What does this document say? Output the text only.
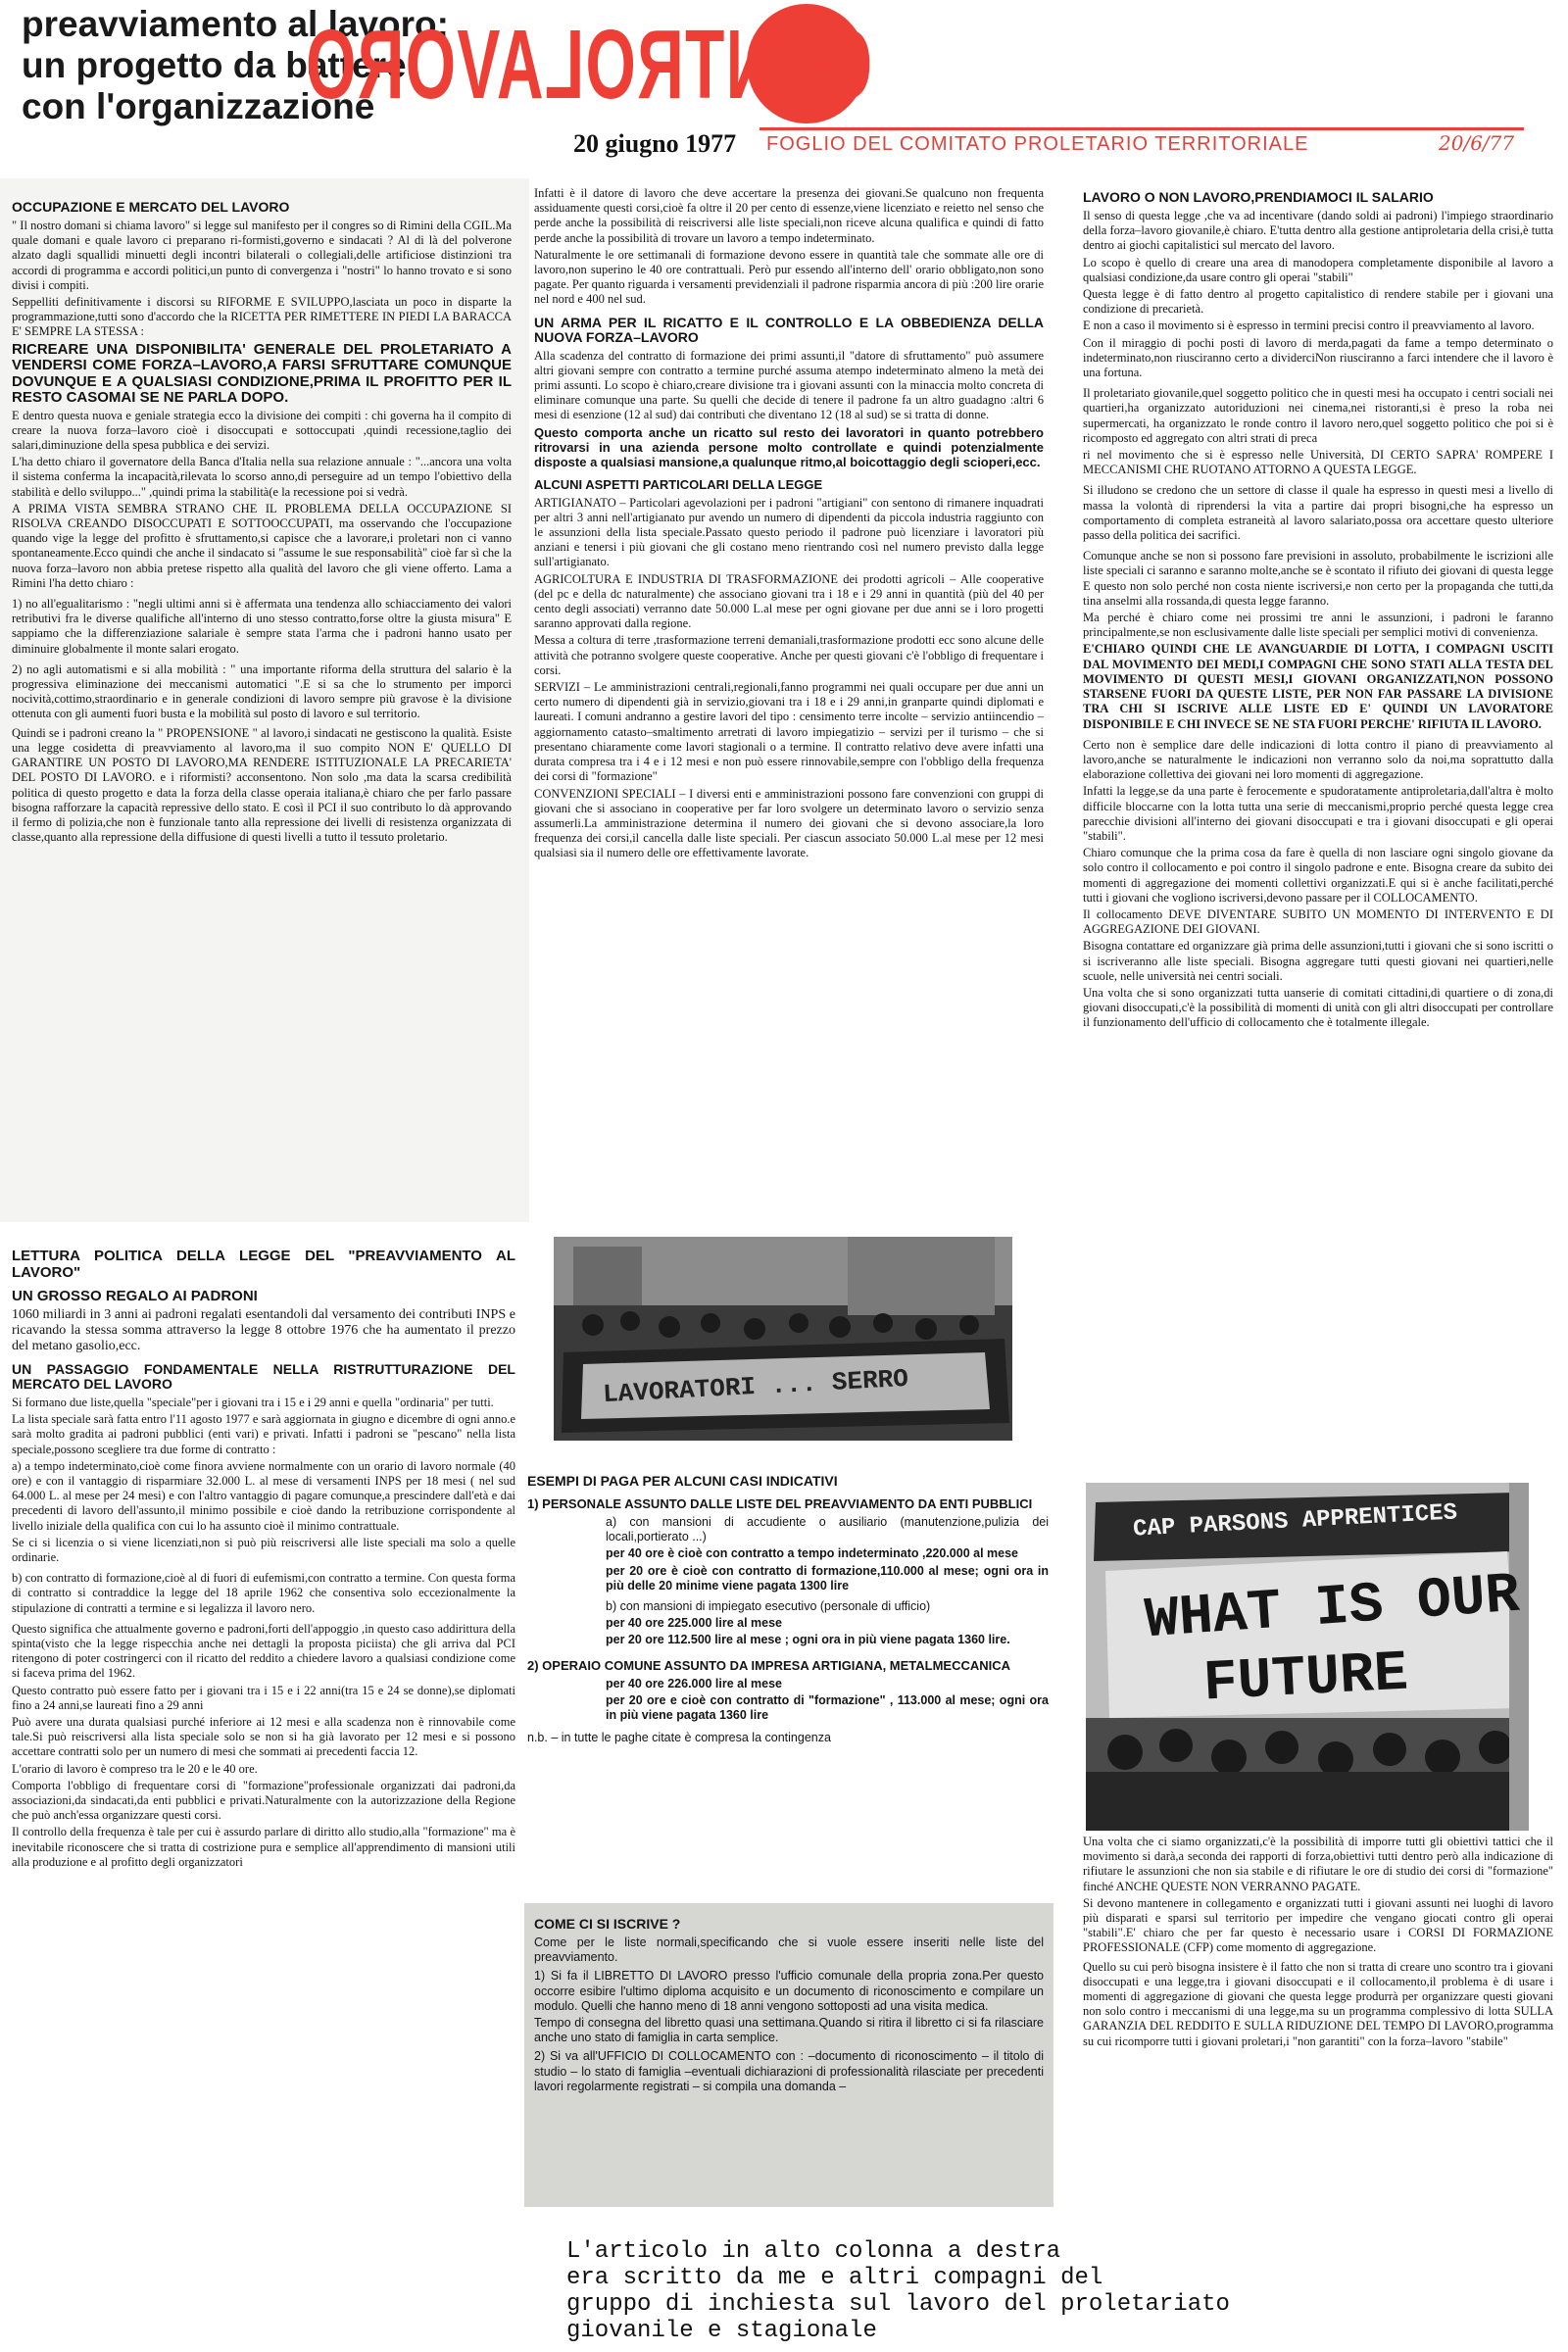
preavviamento al lavoro:
un progetto da battere
con l'organizzazione
20 giugno 1977
CONTROLAVORO
FOGLIO DEL COMITATO PROLETARIO TERRITORIALE	20/6/77
OCCUPAZIONE E MERCATO DEL LAVORO

" Il nostro domani si chiama lavoro" si legge sul manifesto per il congres so di Rimini della CGIL.Ma quale domani e quale lavoro ci preparano ri-formisti,governo e sindacati ? Al di là del polverone alzato dagli squallidi minuetti degli incontri bilaterali o collegiali,delle artificiose distinzioni tra accordi di programma e accordi politici,un punto di convergenza i "nostri" lo hanno trovato e si sono divisi i compiti.

Seppelliti definitivamente i discorsi su RIFORME E SVILUPPO,lasciata un poco in disparte la programmazione,tutti sono d'accordo che la RICETTA PER RIMETTERE IN PIEDI LA BARACCA E' SEMPRE LA STESSA :

RICREARE UNA DISPONIBILITA' GENERALE DEL PROLETARIATO A VENDERSI COME FORZA–LAVORO,A FARSI SFRUTTARE COMUNQUE DOVUNQUE E A QUALSIASI CONDIZIONE,PRIMA IL PROFITTO PER IL RESTO CASOMAI SE NE PARLA DOPO.

E dentro questa nuova e geniale strategia ecco la divisione dei compiti : chi governa ha il compito di creare la nuova forza–lavoro cioè i disoccupati e sottoccupati ,quindi recessione,taglio dei salari,diminuzione della spesa pubblica e dei servizi.

L'ha detto chiaro il governatore della Banca d'Italia nella sua relazione annuale : "...ancora una volta il sistema conferma la incapacità,rilevata lo scorso anno,di perseguire ad un tempo l'obiettivo della stabilità e dello sviluppo..." ,quindi prima la stabilità(e la recessione poi si vedrà.

A PRIMA VISTA SEMBRA STRANO CHE IL PROBLEMA DELLA OCCUPAZIONE SI RISOLVA CREANDO DISOCCUPATI E SOTTOOCCUPATI, ma osservando che l'occupazione quando vige la legge del profitto è sfruttamento,si capisce che a lavorare,i proletari non ci vanno spontaneamente.Ecco quindi che anche il sindacato si "assume le sue responsabilità" cioè far sì che la nuova forza–lavoro non abbia pretese rispetto alla qualità del lavoro che gli viene offerto. Lama a Rimini l'ha detto chiaro :

1) no all'egualitarismo : "negli ultimi anni si è affermata una tendenza allo schiacciamento dei valori retributivi fra le diverse qualifiche all'interno di uno stesso contratto,forse oltre la giusta misura" E sappiamo che la differenziazione salariale è sempre stata l'arma che i padroni hanno usato per diminuire globalmente il monte salari erogato.

2) no agli automatismi e si alla mobilità : " una importante riforma della struttura del salario è la progressiva eliminazione dei meccanismi automatici ".E si sa che lo strumento per imporci nocività,cottimo,straordinario e in generale condizioni di lavoro sempre più gravose è la divisione ottenuta con gli aumenti fuori busta e la mobilità sul posto di lavoro e sul territorio.

Quindi se i padroni creano la " PROPENSIONE " al lavoro,i sindacati ne gestiscono la qualità. Esiste una legge cosidetta di preavviamento al lavoro,ma il suo compito NON E' QUELLO DI GARANTIRE UN POSTO DI LAVORO,MA RENDERE ISTITUZIONALE LA PRECARIETA' DEL POSTO DI LAVORO. e i riformisti? acconsentono. Non solo ,ma data la scarsa credibilità politica di questo progetto e data la forza della classe operaia italiana,è chiaro che per farlo passare bisogna rafforzare la capacità repressive dello stato. E così il PCI il suo contributo lo dà approvando il fermo di polizia,che non è funzionale tanto alla repressione dei livelli di resistenza organizzata di classe,quanto alla repressione della diffusione di questi livelli a tutto il tessuto proletario.

Infatti è il datore di lavoro che deve accertare la presenza dei giovani.Se qualcuno non frequenta assiduamente questi corsi,cioè fa oltre il 20 per cento di essenze,viene licenziato e reietto nel senso che perde anche la possibilità di reiscriversi alle liste speciali,non riceve alcuna qualifica e quindi di fatto perde anche la possibilità di trovare un lavoro a tempo indeterminato.

Naturalmente le ore settimanali di formazione devono essere in quantità tale che sommate alle ore di lavoro,non superino le 40 ore contrattuali. Però pur essendo all'interno dell' orario obbligato,non sono pagate. Per quanto riguarda i versamenti previdenziali il padrone risparmia ancora di più :200 lire orarie nel nord e 400 nel sud.

UN ARMA PER IL RICATTO E IL CONTROLLO E LA OBBEDIENZA DELLA NUOVA FORZA–LAVORO

Alla scadenza del contratto di formazione dei primi assunti,il "datore di sfruttamento" può assumere altri giovani sempre con contratto a termine purché assuma atempo indeterminato almeno la metà dei primi assunti. Lo scopo è chiaro,creare divisione tra i giovani assunti con la minaccia molto concreta di eliminare comunque una parte. Su quelli che decide di tenere il padrone fa un altro guadagno :altri 6 mesi di esenzione (12 al sud) dai contributi che diventano 12 (18 al sud) se si tratta di donne.

Questo comporta anche un ricatto sul resto dei lavoratori in quanto potrebbero ritrovarsi in una azienda persone molto controllate e quindi potenzialmente disposte a qualsiasi mansione,a qualunque ritmo,al boicottaggio degli scioperi,ecc.

ALCUNI ASPETTI PARTICOLARI DELLA LEGGE

ARTIGIANATO – Particolari agevolazioni per i padroni "artigiani" con sentono di rimanere inquadrati per altri 3 anni nell'artigianato pur avendo un numero di dipendenti da piccola industria raggiunto con le assunzioni della lista speciale.Passato questo periodo il padrone può licenziare i lavoratori più anziani e tenersi i più giovani che gli costano meno rientrando così nel numero previsto dalla legge sull'artigianato.

AGRICOLTURA E INDUSTRIA DI TRASFORMAZIONE dei prodotti agricoli – Alle cooperative (del pc e della dc naturalmente) che associano giovani tra i 18 e i 29 anni in quantità (più del 40 per cento degli associati) verranno date 50.000 L.al mese per ogni giovane per due anni se i loro progetti saranno approvati dalla regione.

Messa a coltura di terre ,trasformazione terreni demaniali,trasformazione prodotti ecc sono alcune delle attività che potranno svolgere queste cooperative. Anche per questi giovani c'è l'obbligo di frequentare i corsi.

SERVIZI – Le amministrazioni centrali,regionali,fanno programmi nei quali occupare per due anni un certo numero di dipendenti già in servizio,giovani tra i 18 e i 29 anni,in granparte quindi diplomati e laureati. I comuni andranno a gestire lavori del tipo : censimento terre incolte – servizio antiincendio – aggiornamento catasto–smaltimento arretrati di lavoro impiegatizio – servizi per il turismo – che si presentano chiaramente come lavori stagionali o a termine. Il contratto relativo deve avere infatti una durata compresa tra i 4 e i 12 mesi e non può essere rinnovabile,sempre con l'obbligo della frequenza dei corsi di "formazione"

CONVENZIONI SPECIALI – I diversi enti e amministrazioni possono fare convenzioni con gruppi di giovani che si associano in cooperative per far loro svolgere un determinato lavoro o servizio senza assumerli.La amministrazione determina il numero dei giovani che si devono associare,la loro frequenza dei corsi,il cancella dalle liste speciali. Per ciascun associato 50.000 L.al mese per 12 mesi qualsiasi sia il numero delle ore effettivamente lavorate.

LAVORO O NON LAVORO,PRENDIAMOCI IL SALARIO

Il senso di questa legge ,che va ad incentivare (dando soldi ai padroni) l'impiego straordinario della forza–lavoro giovanile,è chiaro. E'tutta dentro alla gestione antiproletaria della crisi,è tutta dentro ai giochi capitalistici sul mercato del lavoro.

Lo scopo è quello di creare una area di manodopera completamente disponibile al lavoro a qualsiasi condizione,da usare contro gli operai "stabili"

Questa legge è di fatto dentro al progetto capitalistico di rendere stabile per i giovani una condizione di precarietà.

E non a caso il movimento si è espresso in termini precisi contro il preavviamento al lavoro.

Con il miraggio di pochi posti di lavoro di merda,pagati da fame a tempo determinato o indeterminato,non riusciranno certo a dividerciNon riusciranno a farci intendere che il lavoro è una fortuna.

Il proletariato giovanile,quel soggetto politico che in questi mesi ha occupato i centri sociali nei quartieri,ha organizzato autoriduzioni nei cinema,nei ristoranti,si è preso la roba nei supermercati, ha organizzato le ronde contro il lavoro nero,quel soggetto politico che poi si è ricomposto ed aggregato con altri strati di preca

ri nel movimento che si è espresso nelle Università, DI CERTO SAPRA' ROMPERE I MECCANISMI CHE RUOTANO ATTORNO A QUESTA LEGGE.

Si illudono se credono che un settore di classe il quale ha espresso in questi mesi a livello di massa la volontà di riprendersi la vita a partire dai propri bisogni,che ha espresso un comportamento di completa estraneità al lavoro salariato,possa ora accettare questo ulteriore passo della politica dei sacrifici.

Comunque anche se non si possono fare previsioni in assoluto, probabilmente le iscrizioni alle liste speciali ci saranno e saranno molte,anche se è scontato il rifiuto dei giovani di questa legge E questo non solo perché non costa niente iscriversi,e non certo per la propaganda che tutti,da tina anselmi alla rossanda,di questa legge faranno.

Ma perché è chiaro come nei prossimi tre anni le assunzioni, i padroni le faranno principalmente,se non esclusivamente dalle liste speciali per semplici motivi di convenienza.

E'CHIARO QUINDI CHE LE AVANGUARDIE DI LOTTA, I COMPAGNI USCITI DAL MOVIMENTO DEI MEDI,I COMPAGNI CHE SONO STATI ALLA TESTA DEL MOVIMENTO DI QUESTI MESI,I GIOVANI ORGANIZZATI,NON POSSONO STARSENE FUORI DA QUESTE LISTE, PER NON FAR PASSARE LA DIVISIONE TRA CHI SI ISCRIVE ALLE LISTE ED E' QUINDI UN LAVORATORE DISPONIBILE E CHI INVECE SE NE STA FUORI PERCHE' RIFIUTA IL LAVORO.

Certo non è semplice dare delle indicazioni di lotta contro il piano di preavviamento al lavoro,anche se naturalmente le indicazioni non verranno solo da noi,ma soprattutto dalla elaborazione collettiva dei giovani nei loro momenti di aggregazione.

Infatti la legge,se da una parte è ferocemente e spudoratamente antiproletaria,dall'altra è molto difficile bloccarne con la lotta tutta una serie di meccanismi,proprio perché questa legge crea parecchie divisioni all'interno dei giovani disoccupati e tra i giovani disoccupati e gli operai "stabili".

Chiaro comunque che la prima cosa da fare è quella di non lasciare ogni singolo giovane da solo contro il collocamento e poi contro il singolo padrone e ente. Bisogna creare da subito dei momenti di aggregazione dei momenti collettivi organizzati.E qui si è anche facilitati,perché tutti i giovani che vogliono iscriversi,devono passare per il COLLOCAMENTO.

Il collocamento DEVE DIVENTARE SUBITO UN MOMENTO DI INTERVENTO E DI AGGREGAZIONE DEI GIOVANI.

Bisogna contattare ed organizzare già prima delle assunzioni,tutti i giovani che si sono iscritti o si iscriveranno alle liste speciali. Bisogna aggregare tutti questi giovani nei quartieri,nelle scuole, nelle università nei centri sociali.

Una volta che si sono organizzati tutta uanserie di comitati cittadini,di quartiere o di zona,di giovani disoccupati,c'è la possibilità di momenti di unità con gli altri disoccupati per controllare il funzionamento dell'ufficio di collocamento che è totalmente illegale.

LAVORATORI ... SERRO
LETTURA POLITICA DELLA LEGGE DEL "PREAVVIAMENTO AL LAVORO"
UN GROSSO REGALO AI PADRONI

1060 miliardi in 3 anni ai padroni regalati esentandoli dal versamento dei contributi INPS e ricavando la stessa somma attraverso la legge 8 ottobre 1976 che ha aumentato il prezzo del metano gasolio,ecc.

UN PASSAGGIO FONDAMENTALE NELLA RISTRUTTURAZIONE DEL MERCATO DEL LAVORO

Si formano due liste,quella "speciale"per i giovani tra i 15 e i 29 anni e quella "ordinaria" per tutti.

La lista speciale sarà fatta entro l'11 agosto 1977 e sarà aggiornata in giugno e dicembre di ogni anno.e sarà molto gradita ai padroni pubblici (enti vari) e privati. Infatti i padroni se "pescano" nella lista speciale,possono scegliere tra due forme di contratto :

a) a tempo indeterminato,cioè come finora avviene normalmente con un orario di lavoro normale (40 ore) e con il vantaggio di risparmiare 32.000 L. al mese di versamenti INPS per 18 mesi ( nel sud 64.000 L. al mese per 24 mesi) e con l'altro vantaggio di pagare comunque,a prescindere dall'età e dai precedenti di lavoro dell'assunto,il minimo possibile e cioè dando la retribuzione corrispondente al livello iniziale della qualifica con cui lo ha assunto cioè il minimo contrattuale.

Se ci si licenzia o si viene licenziati,non si può più reiscriversi alle liste speciali ma solo a quelle ordinarie.

b) con contratto di formazione,cioè al di fuori di eufemismi,con contratto a termine. Con questa forma di contratto si contraddice la legge del 18 aprile 1962 che consentiva solo eccezionalmente la stipulazione di contratti a termine e si legalizza il lavoro nero.

Questo significa che attualmente governo e padroni,forti dell'appoggio ,in questo caso addirittura della spinta(visto che la legge rispecchia anche nei dettagli la proposta piciista) che gli arriva dal PCI ritengono di poter costringerci con il ricatto del reddito a chiedere lavoro a qualsiasi condizione come si faceva prima del 1962.

Questo contratto può essere fatto per i giovani tra i 15 e i 22 anni(tra 15 e 24 se donne),se diplomati fino a 24 anni,se laureati fino a 29 anni

Può avere una durata qualsiasi purché inferiore ai 12 mesi e alla scadenza non è rinnovabile come tale.Si può reiscriversi alla lista speciale solo se non si ha già lavorato per 12 mesi e si possono accettare contratti solo per un numero di mesi che sommati ai precedenti faccia 12.

L'orario di lavoro è compreso tra le 20 e le 40 ore.

Comporta l'obbligo di frequentare corsi di "formazione"professionale organizzati dai padroni,da associazioni,da sindacati,da enti pubblici e privati.Naturalmente con la autorizzazione della Regione che può anch'essa organizzare questi corsi.

Il controllo della frequenza è tale per cui è assurdo parlare di diritto allo studio,alla "formazione" ma è inevitabile riconoscere che si tratta di costrizione pura e semplice all'apprendimento di mansioni utili alla produzione e al profitto degli organizzatori

ESEMPI DI PAGA PER ALCUNI CASI INDICATIVI
1) PERSONALE ASSUNTO DALLE LISTE DEL PREAVVIAMENTO DA ENTI PUBBLICI

a) con mansioni di accudiente o ausiliario (manutenzione,pulizia dei locali,portierato ...)

per 40 ore è cioè con contratto a tempo indeterminato ,220.000 al mese

per 20 ore è cioè con contratto di formazione,110.000 al mese; ogni ora in più delle 20 minime viene pagata 1300 lire

b) con mansioni di impiegato esecutivo (personale di ufficio)

per 40 ore 225.000 lire al mese

per 20 ore 112.500 lire al mese ; ogni ora in più viene pagata 1360 lire.

2) OPERAIO COMUNE ASSUNTO DA IMPRESA ARTIGIANA, METALMECCANICA

per 40 ore 226.000 lire al mese

per 20 ore e cioè con contratto di "formazione" , 113.000 al mese; ogni ora in più viene pagata 1360 lire

n.b. – in tutte le paghe citate è compresa la contingenza

COME CI SI ISCRIVE ?

Come per le liste normali,specificando che si vuole essere inseriti nelle liste del preavviamento.

1) Si fa il LIBRETTO DI LAVORO presso l'ufficio comunale della propria zona.Per questo occorre esibire l'ultimo diploma acquisito e un documento di riconoscimento e compilare un modulo. Quelli che hanno meno di 18 anni vengono sottoposti ad una visita medica.

Tempo di consegna del libretto quasi una settimana.Quando si ritira il libretto ci si fa rilasciare anche uno stato di famiglia in carta semplice.

2) Si va all'UFFICIO DI COLLOCAMENTO con : –documento di riconoscimento – il titolo di studio – lo stato di famiglia –eventuali dichiarazioni di professionalità rilasciate per precedenti lavori regolarmente registrati – si compila una domanda –

CAP PARSONS APPRENTICES
WHAT IS OUR
FUTURE

Una volta che ci siamo organizzati,c'è la possibilità di imporre tutti gli obiettivi tattici che il movimento si darà,a seconda dei rapporti di forza,obiettivi tutti dentro però alla indicazione di rifiutare le assunzioni che non sia stabile e di rifiutare le ore di studio dei corsi di "formazione" finché ANCHE QUESTE NON VERRANNO PAGATE.

Si devono mantenere in collegamento e organizzati tutti i giovani assunti nei luoghi di lavoro più disparati e sparsi sul territorio per impedire che vengano giocati contro gli operai "stabili".E' chiaro che per far questo è necessario usare i CORSI DI FORMAZIONE PROFESSIONALE (CFP) come momento di aggregazione.

Quello su cui però bisogna insistere è il fatto che non si tratta di creare uno scontro tra i giovani disoccupati e una legge,tra i giovani disoccupati e il collocamento,il problema è di usare i momenti di aggregazione di giovani che questa legge produrrà per organizzare questi giovani non solo contro i meccanismi di una legge,ma su un programma complessivo di lotta SULLA GARANZIA DEL REDDITO E SULLA RIDUZIONE DEL TEMPO DI LAVORO,programma su cui ricomporre tutti i giovani proletari,i "non garantiti" con la forza–lavoro "stabile"

L'articolo in alto colonna a destra
era scritto da me e altri compagni del
gruppo di inchiesta sul lavoro del proletariato
giovanile e stagionale
